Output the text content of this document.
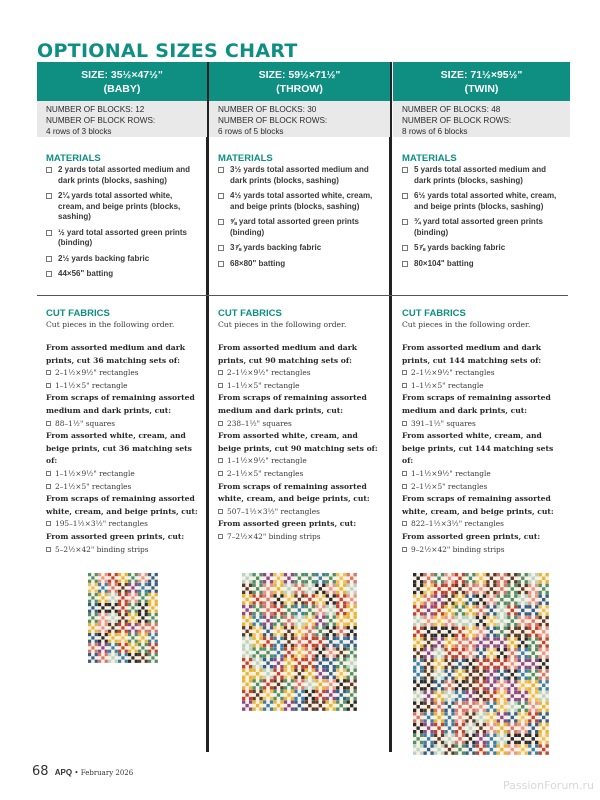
OPTIONAL SIZES CHART
SIZE: 35½×47½"
(BABY)
NUMBER OF BLOCKS: 12
NUMBER OF BLOCK ROWS:
4 rows of 3 blocks
MATERIALS
2 yards total assorted medium and dark prints (blocks, sashing)
2¼ yards total assorted white, cream, and beige prints (blocks, sashing)
½ yard total assorted green prints (binding)
2½ yards backing fabric
44×56" batting
CUT FABRICS
Cut pieces in the following order.
From assorted medium and dark prints, cut 36 matching sets of:
2–1½×9½" rectangles
1–1½×5" rectangle
From scraps of remaining assorted medium and dark prints, cut:
88–1½" squares
From assorted white, cream, and beige prints, cut 36 matching sets of:
1–1½×9½" rectangle
2–1½×5" rectangles
From scraps of remaining assorted white, cream, and beige prints, cut:
195–1½×3½" rectangles
From assorted green prints, cut:
5–2½×42" binding strips
SIZE: 59½×71½"
(THROW)
NUMBER OF BLOCKS: 30
NUMBER OF BLOCK ROWS:
6 rows of 5 blocks
MATERIALS
3½ yards total assorted medium and dark prints (blocks, sashing)
4½ yards total assorted white, cream, and beige prints (blocks, sashing)
⅝ yard total assorted green prints (binding)
3⅞ yards backing fabric
68×80" batting
CUT FABRICS
Cut pieces in the following order.
From assorted medium and dark prints, cut 90 matching sets of:
2–1½×9½" rectangles
1–1½×5" rectangle
From scraps of remaining assorted medium and dark prints, cut:
238–1½" squares
From assorted white, cream, and beige prints, cut 90 matching sets of:
1–1½×9½" rectangle
2–1½×5" rectangles
From scraps of remaining assorted white, cream, and beige prints, cut:
507–1½×3½" rectangles
From assorted green prints, cut:
7–2½×42" binding strips
SIZE: 71½×95½"
(TWIN)
NUMBER OF BLOCKS: 48
NUMBER OF BLOCK ROWS:
8 rows of 6 blocks
MATERIALS
5 yards total assorted medium and dark prints (blocks, sashing)
6½ yards total assorted white, cream, and beige prints (blocks, sashing)
¾ yard total assorted green prints (binding)
5⅞ yards backing fabric
80×104" batting
CUT FABRICS
Cut pieces in the following order.
From assorted medium and dark prints, cut 144 matching sets of:
2–1½×9½" rectangles
1–1½×5" rectangle
From scraps of remaining assorted medium and dark prints, cut:
391–1½" squares
From assorted white, cream, and beige prints, cut 144 matching sets of:
1–1½×9½" rectangle
2–1½×5" rectangles
From scraps of remaining assorted white, cream, and beige prints, cut:
822–1½×3½" rectangles
From assorted green prints, cut:
9–2½×42" binding strips
68 APQ • February 2026
PassionForum.ru
